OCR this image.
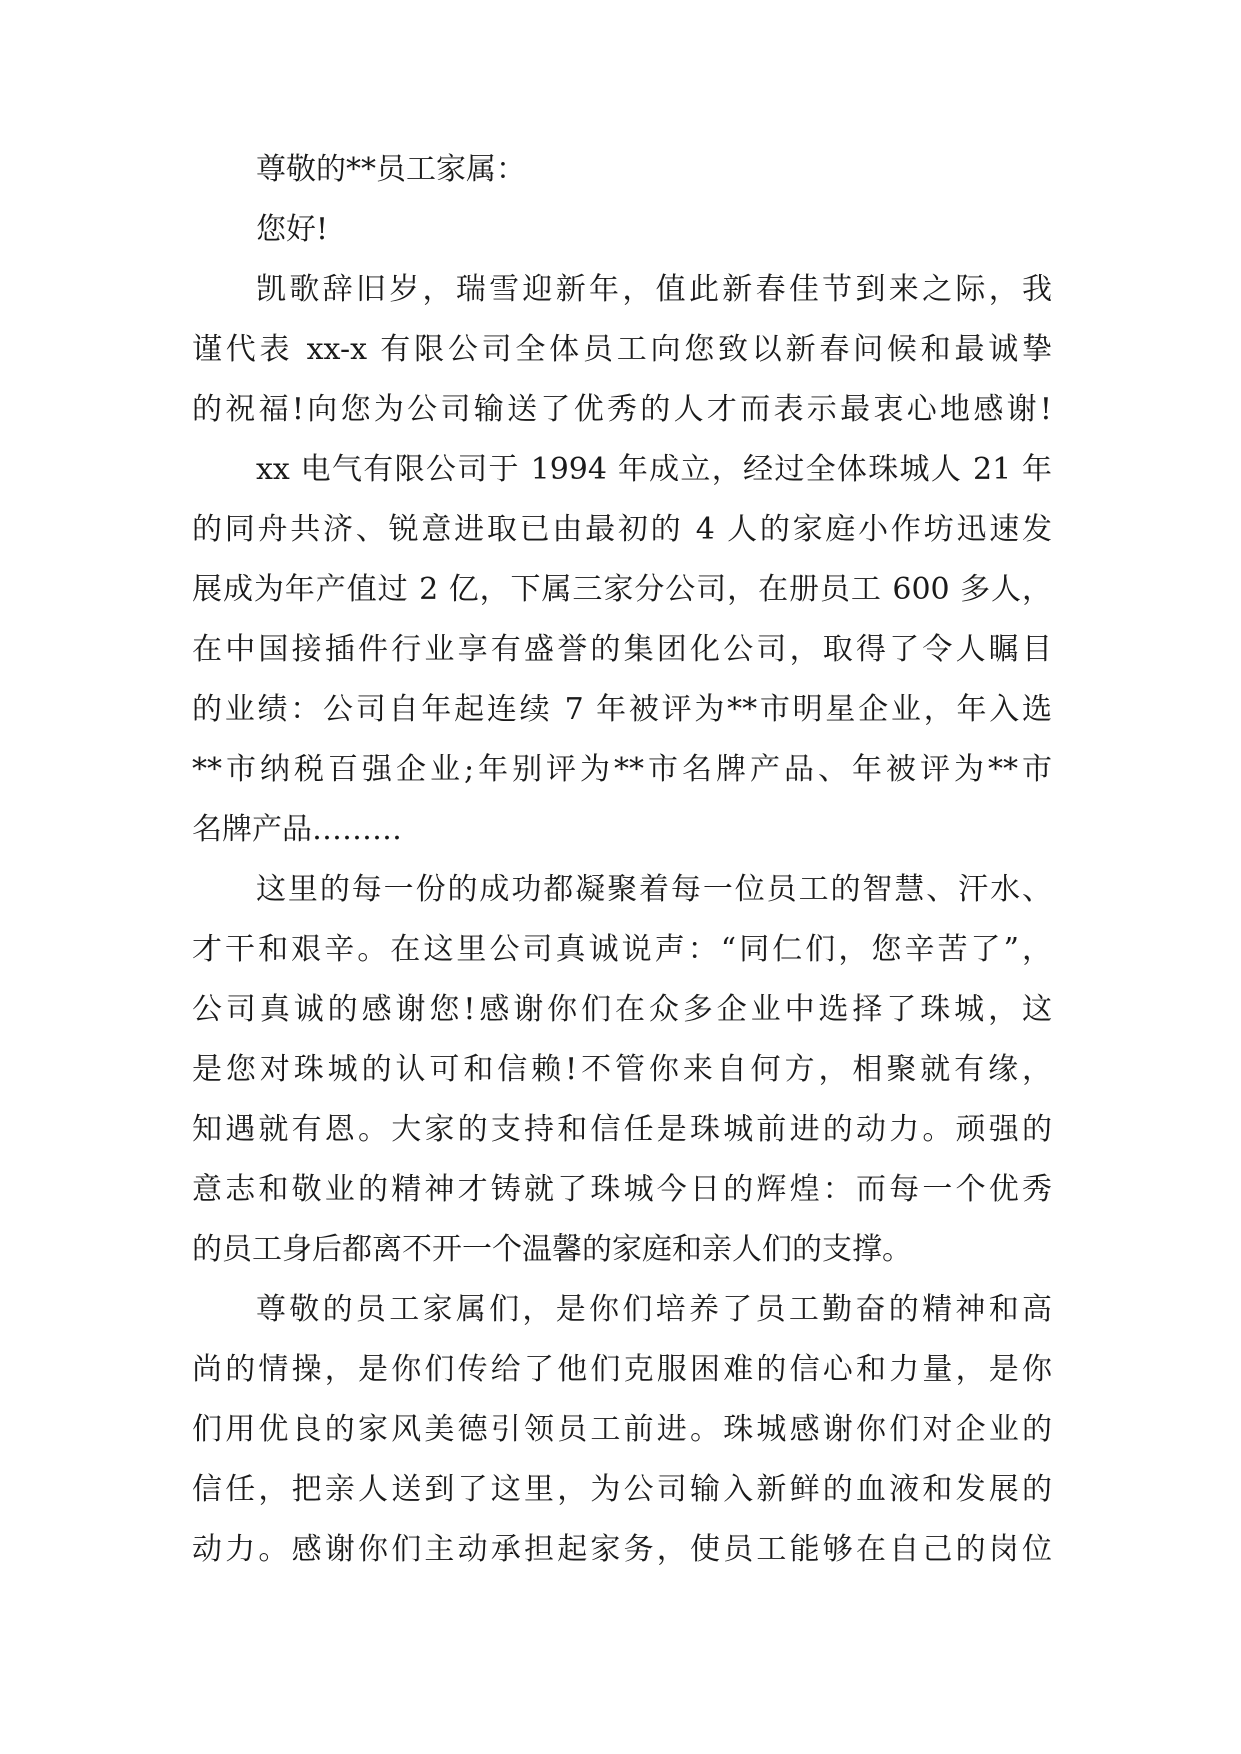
尊敬的**员工家属：
您好!
凯歌辞旧岁，瑞雪迎新年，值此新春佳节到来之际，我
谨代表 xx-x 有限公司全体员工向您致以新春问候和最诚挚
的祝福!向您为公司输送了优秀的人才而表示最衷心地感谢!
xx 电气有限公司于 1994 年成立，经过全体珠城人 21 年
的同舟共济、锐意进取已由最初的 4 人的家庭小作坊迅速发
展成为年产值过 2 亿，下属三家分公司，在册员工 600 多人，
在中国接插件行业享有盛誉的集团化公司，取得了令人瞩目
的业绩：公司自年起连续 7 年被评为**市明星企业，年入选
**市纳税百强企业;年别评为**市名牌产品、年被评为**市
名牌产品………
这里的每一份的成功都凝聚着每一位员工的智慧、汗水、
才干和艰辛。在这里公司真诚说声：“同仁们，您辛苦了”，
公司真诚的感谢您!感谢你们在众多企业中选择了珠城，这
是您对珠城的认可和信赖!不管你来自何方，相聚就有缘，
知遇就有恩。大家的支持和信任是珠城前进的动力。顽强的
意志和敬业的精神才铸就了珠城今日的辉煌：而每一个优秀
的员工身后都离不开一个温馨的家庭和亲人们的支撑。
尊敬的员工家属们，是你们培养了员工勤奋的精神和高
尚的情操，是你们传给了他们克服困难的信心和力量，是你
们用优良的家风美德引领员工前进。珠城感谢你们对企业的
信任，把亲人送到了这里，为公司输入新鲜的血液和发展的
动力。感谢你们主动承担起家务，使员工能够在自己的岗位
